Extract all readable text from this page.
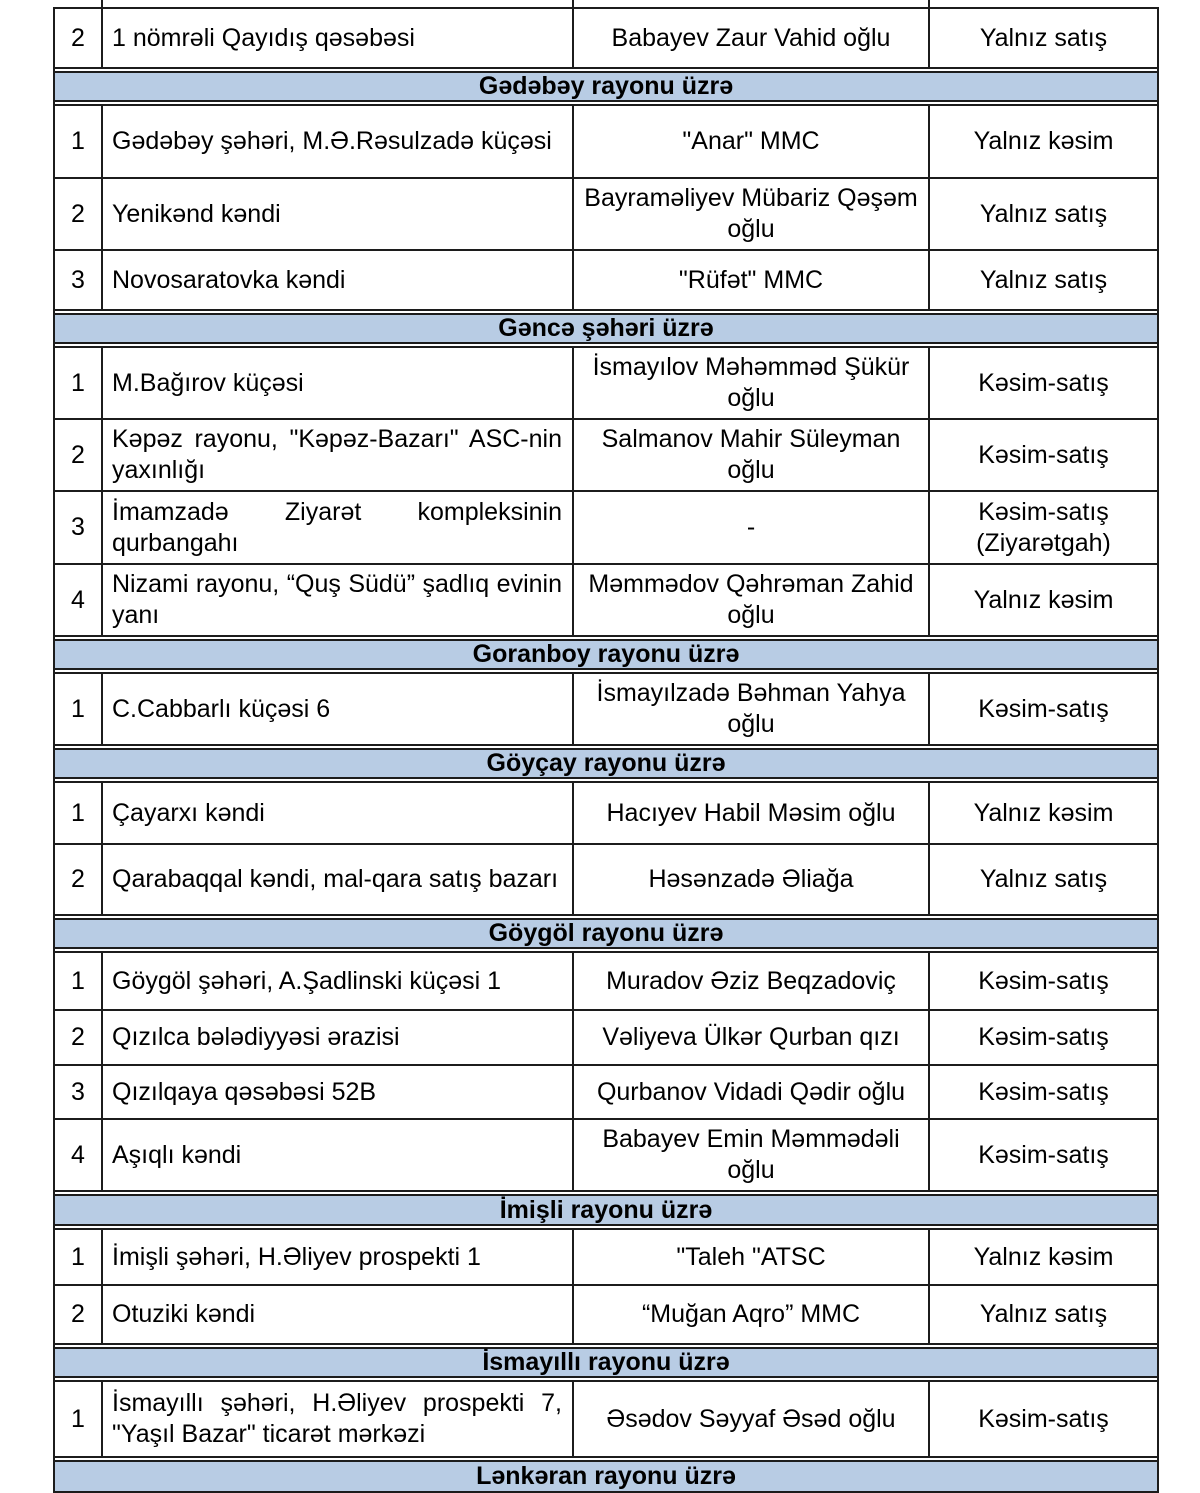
2	1 nömrəli Qayıdış qəsəbəsi	Babayev Zaur Vahid oğlu	Yalnız satış
Gədəbəy rayonu üzrə			
1	Gədəbəy şəhəri, M.Ə.Rəsulzadə küçəsi	"Anar" MMC	Yalnız kəsim
2	Yenikənd kəndi	Bayraməliyev Mübariz Qəşəm oğlu	Yalnız satış
3	Novosaratovka kəndi	"Rüfət" MMC	Yalnız satış
Gəncə şəhəri üzrə			
1	M.Bağırov küçəsi	İsmayılov Məhəmməd Şükür oğlu	Kəsim-satış
2	Kəpəz rayonu, "Kəpəz-Bazarı" ASC-nin yaxınlığı	Salmanov Mahir Süleyman oğlu	Kəsim-satış
3	İmamzadə Ziyarət kompleksinin qurbangahı	-	Kəsim-satış (Ziyarətgah)
4	Nizami rayonu, “Quş Südü” şadlıq evinin yanı	Məmmədov Qəhrəman Zahid oğlu	Yalnız kəsim
Goranboy rayonu üzrə			
1	C.Cabbarlı küçəsi 6	İsmayılzadə Bəhman Yahya oğlu	Kəsim-satış
Göyçay rayonu üzrə			
1	Çayarxı kəndi	Hacıyev Habil Məsim oğlu	Yalnız kəsim
2	Qarabaqqal kəndi, mal-qara satış bazarı	Həsənzadə Əliağa	Yalnız satış
Göygöl rayonu üzrə			
1	Göygöl şəhəri, A.Şadlinski küçəsi 1	Muradov Əziz Beqzadoviç	Kəsim-satış
2	Qızılca bələdiyyəsi ərazisi	Vəliyeva Ülkər Qurban qızı	Kəsim-satış
3	Qızılqaya qəsəbəsi 52B	Qurbanov Vidadi Qədir oğlu	Kəsim-satış
4	Aşıqlı kəndi	Babayev Emin Məmmədəli oğlu	Kəsim-satış
İmişli rayonu üzrə			
1	İmişli şəhəri, H.Əliyev prospekti 1	"Taleh "ATSC	Yalnız kəsim
2	Otuziki kəndi	“Muğan Aqro” MMC	Yalnız satış
İsmayıllı rayonu üzrə			
1	İsmayıllı şəhəri, H.Əliyev prospekti 7, "Yaşıl Bazar" ticarət mərkəzi	Əsədov Səyyaf Əsəd oğlu	Kəsim-satış
Lənkəran rayonu üzrə			
